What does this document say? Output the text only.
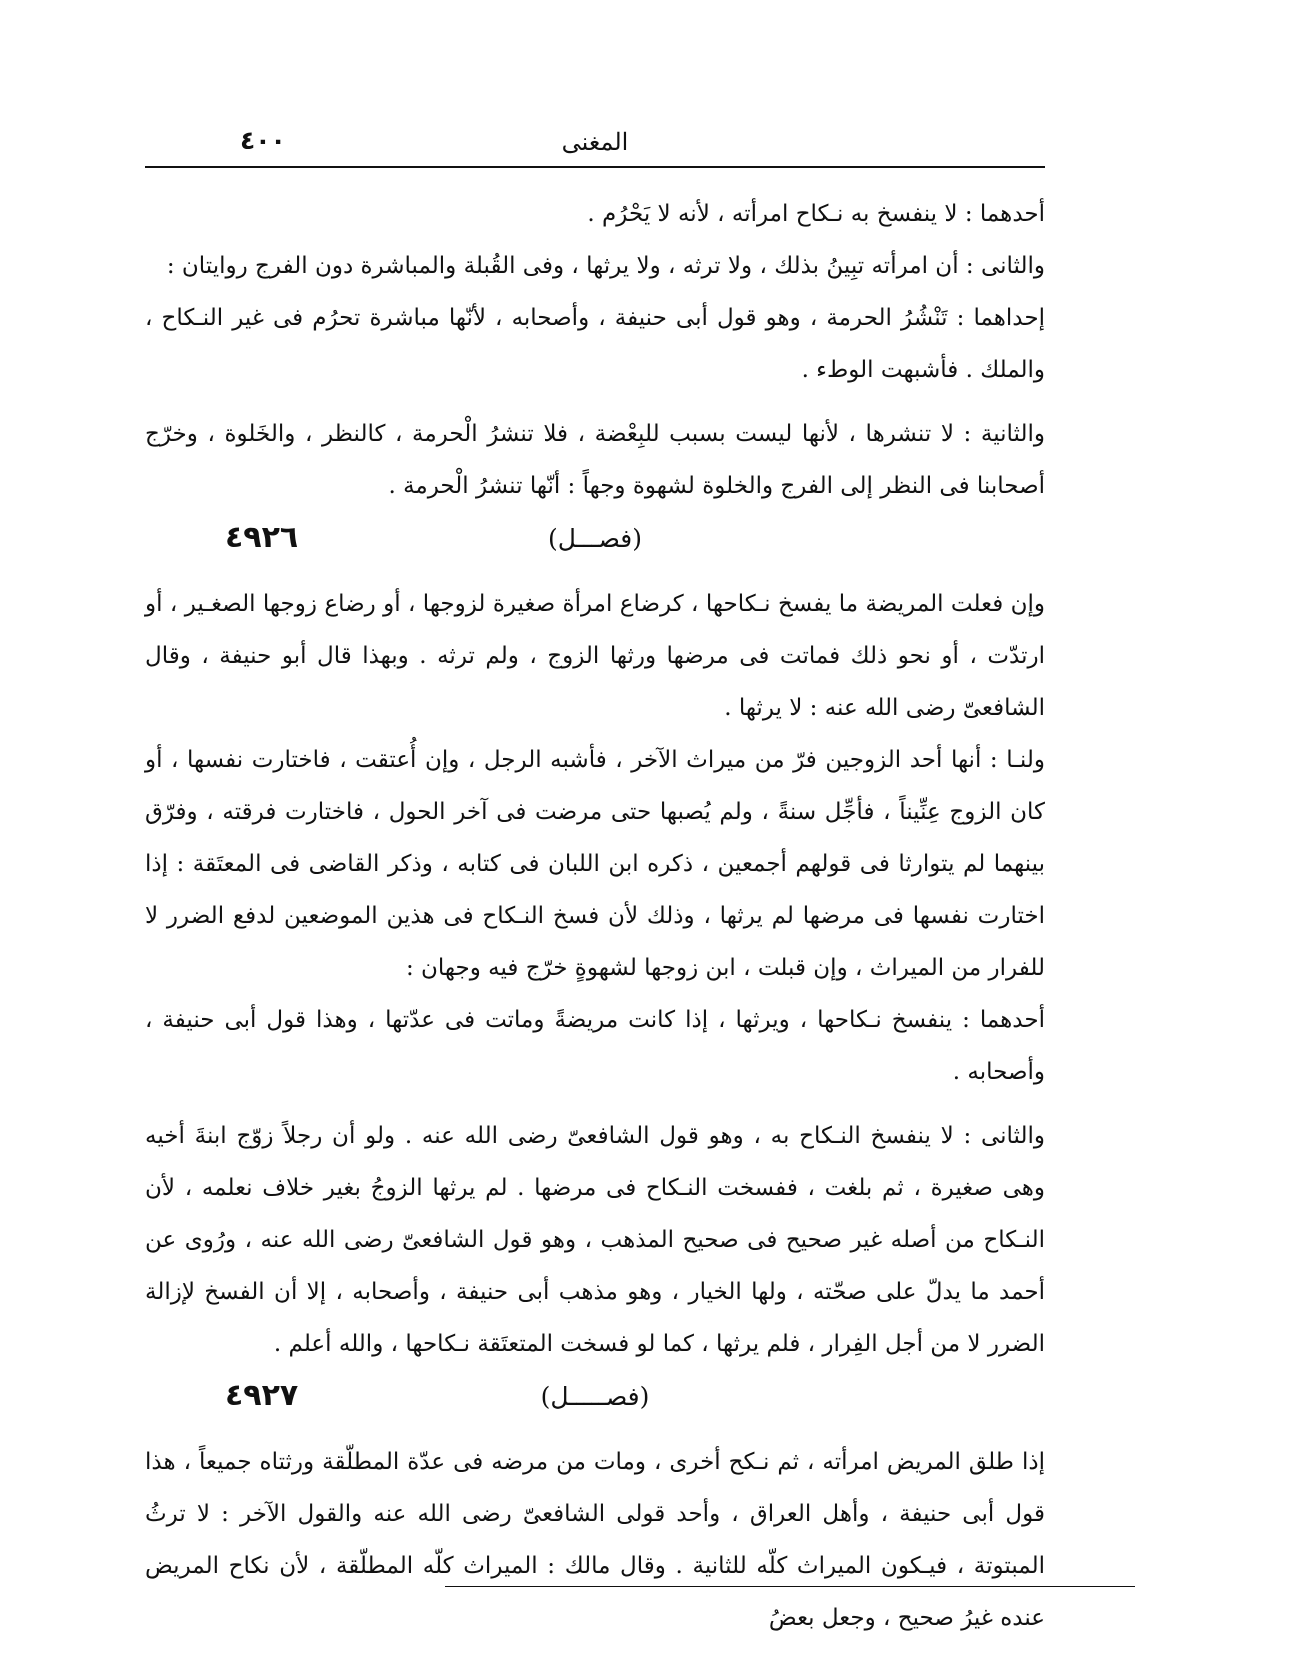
٤٠٠	المغنى

أحدهما : لا ينفسخ به نـكاح امرأته ، لأنه لا يَحْرُم .

والثانى : أن امرأته تبِينُ بذلك ، ولا ترثه ، ولا يرثها ، وفى القُبلة والمباشرة دون الفرج روايتان :

إحداهما : تَنْشُرُ الحرمة ، وهو قول أبى حنيفة ، وأصحابه ، لأنّها مباشرة تحرُم فى غير النـكاح ، والملك . فأشبهت الوطء .

والثانية : لا تنشرها ، لأنها ليست بسبب للبِعْضة ، فلا تنشرُ الْحرمة ، كالنظر ، والخَلوة ، وخرّج أصحابنا فى النظر إلى الفرج والخلوة لشهوة وجهاً : أنّها تنشرُ الْحرمة .

(فصـــل)
٤٩٢٦

وإن فعلت المريضة ما يفسخ نـكاحها ، كرضاع امرأة صغيرة لزوجها ، أو رضاع زوجها الصغـير ، أو ارتدّت ، أو نحو ذلك فماتت فى مرضها ورثها الزوج ، ولم ترثه . وبهذا قال أبو حنيفة ، وقال الشافعىّ رضى الله عنه : لا يرثها .

ولنـا : أنها أحد الزوجين فرّ من ميراث الآخر ، فأشبه الرجل ، وإن أُعتقت ، فاختارت نفسها ، أو كان الزوج عِنِّيناً ، فأجِّل سنةً ، ولم يُصبها حتى مرضت فى آخر الحول ، فاختارت فرقته ، وفرّق بينهما لم يتوارثا فى قولهم أجمعين ، ذكره ابن اللبان فى كتابه ، وذكر القاضى فى المعتَقة : إذا اختارت نفسها فى مرضها لم يرثها ، وذلك لأن فسخ النـكاح فى هذين الموضعين لدفع الضرر لا للفرار من الميراث ، وإن قبلت ، ابن زوجها لشهوةٍ خرّج فيه وجهان :

أحدهما : ينفسخ نـكاحها ، ويرثها ، إذا كانت مريضةً وماتت فى عدّتها ، وهذا قول أبى حنيفة ، وأصحابه .

والثانى : لا ينفسخ النـكاح به ، وهو قول الشافعىّ رضى الله عنه . ولو أن رجلاً زوّج ابنةَ أخيه وهى صغيرة ، ثم بلغت ، ففسخت النـكاح فى مرضها . لم يرثها الزوجُ بغير خلاف نعلمه ، لأن النـكاح من أصله غير صحيح فى صحيح المذهب ، وهو قول الشافعىّ رضى الله عنه ، ورُوى عن أحمد ما يدلّ على صحّته ، ولها الخيار ، وهو مذهب أبى حنيفة ، وأصحابه ، إلا أن الفسخ لإزالة الضرر لا من أجل الفِرار ، فلم يرثها ، كما لو فسخت المتعتَقة نـكاحها ، والله أعلم .

(فصـــــل)
٤٩٢٧

إذا طلق المريض امرأته ، ثم نـكح أخرى ، ومات من مرضه فى عدّة المطلّقة ورثتاه جميعاً ، هذا قول أبى حنيفة ، وأهل العراق ، وأحد قولى الشافعىّ رضى الله عنه والقول الآخر : لا ترثُ المبتوتة ، فيـكون الميراث كلّه للثانية . وقال مالك : الميراث كلّه المطلّقة ، لأن نكاح المريض عنده غيرُ صحيح ، وجعل بعضُ
